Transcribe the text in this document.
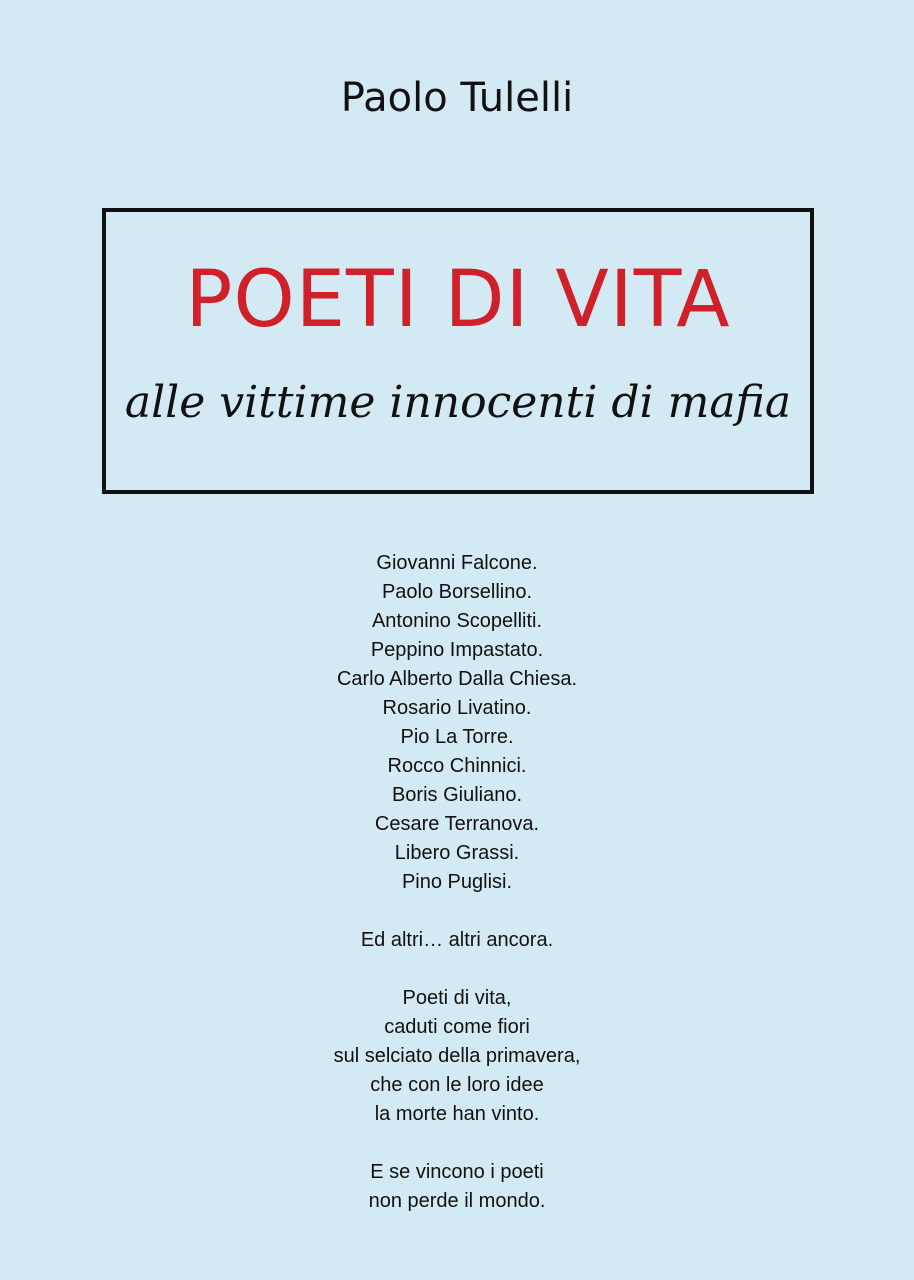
Paolo Tulelli
POETI DI VITA
alle vittime innocenti di mafia
Giovanni Falcone.
Paolo Borsellino.
Antonino Scopelliti.
Peppino Impastato.
Carlo Alberto Dalla Chiesa.
Rosario Livatino.
Pio La Torre.
Rocco Chinnici.
Boris Giuliano.
Cesare Terranova.
Libero Grassi.
Pino Puglisi.
Ed altri… altri ancora.
Poeti di vita,
caduti come fiori
sul selciato della primavera,
che con le loro idee
la morte han vinto.
E se vincono i poeti
non perde il mondo.
